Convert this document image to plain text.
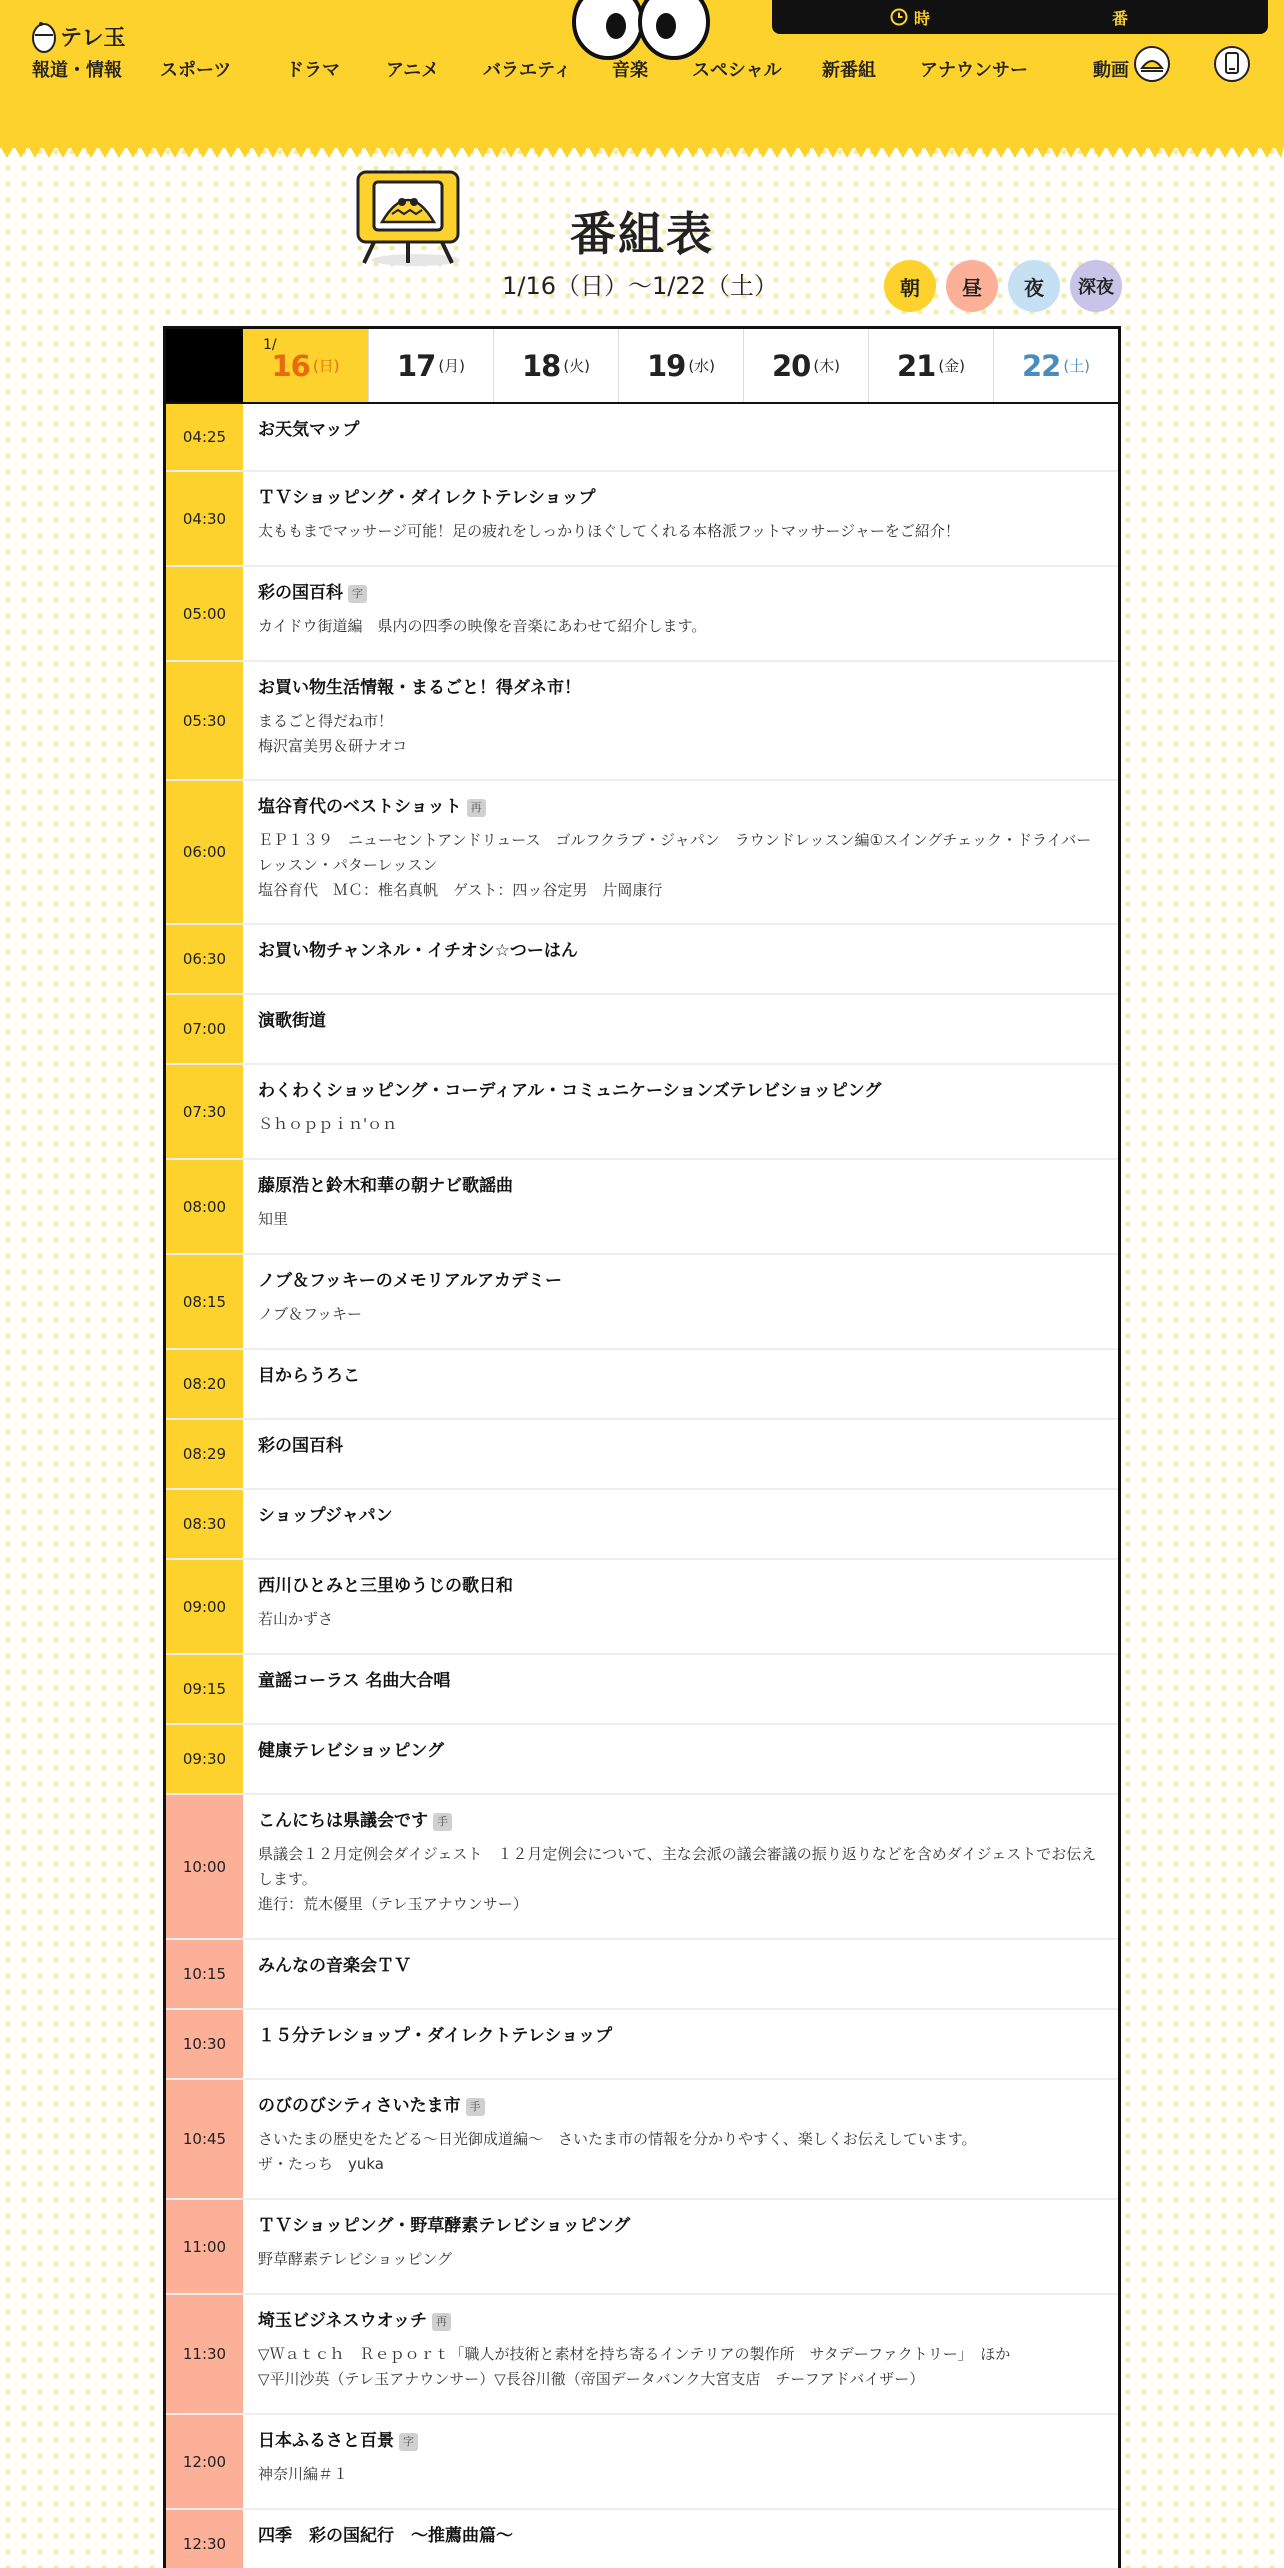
テレ玉
時	番
報道・情報	スポーツ	ドラマ	アニメ	バラエティ	音楽	スペシャル	新番組	アナウンサー	動画
番組表
1/16（日）〜1/22（土）	朝	昼	夜	深夜
1/
16 (日) 17 (月) 18 (火) 19 (水) 20 (木) 21 (金) 22 (土)
04:25	お天気マップ
04:30
ＴＶショッピング・ダイレクトテレショップ
太ももまでマッサージ可能！足の疲れをしっかりほぐしてくれる本格派フットマッサージャーをご紹介！
05:00
彩の国百科 字
カイドウ街道編　県内の四季の映像を音楽にあわせて紹介します。
05:30
お買い物生活情報・まるごと！得ダネ市！
まるごと得だね市！
梅沢富美男＆研ナオコ
06:00
塩谷育代のベストショット 再
ＥＰ１３９　ニューセントアンドリュース　ゴルフクラブ・ジャパン　ラウンドレッスン編①スイングチェック・ドライバーレッスン・パターレッスン
塩谷育代　ＭＣ：椎名真帆　ゲスト：四ッ谷定男　片岡康行
06:30	お買い物チャンネル・イチオシ☆つーはん
07:00	演歌街道
07:30
わくわくショッピング・コーディアル・コミュニケーションズテレビショッピング
Ｓｈｏｐｐｉｎ'ｏｎ
08:00
藤原浩と鈴木和華の朝ナビ歌謡曲
知里
08:15
ノブ＆フッキーのメモリアルアカデミー
ノブ＆フッキー
08:20	目からうろこ
08:29	彩の国百科
08:30	ショップジャパン
09:00
西川ひとみと三里ゆうじの歌日和
若山かずさ
09:15	童謡コーラス 名曲大合唱
09:30	健康テレビショッピング
10:00
こんにちは県議会です 手
県議会１２月定例会ダイジェスト　１２月定例会について、主な会派の議会審議の振り返りなどを含めダイジェストでお伝えします。
進行：荒木優里（テレ玉アナウンサー）
10:15	みんなの音楽会ＴＶ
10:30	１５分テレショップ・ダイレクトテレショップ
10:45
のびのびシティさいたま市 手
さいたまの歴史をたどる～日光御成道編～　さいたま市の情報を分かりやすく、楽しくお伝えしています。
ザ・たっち　yuka
11:00
ＴＶショッピング・野草酵素テレビショッピング
野草酵素テレビショッピング
11:30
埼玉ビジネスウオッチ 再
▽Ｗａｔｃｈ　Ｒｅｐｏｒｔ「職人が技術と素材を持ち寄るインテリアの製作所　サタデーファクトリー」　ほか
▽平川沙英（テレ玉アナウンサー）▽長谷川徹（帝国データバンク大宮支店　チーフアドバイザー）
12:00
日本ふるさと百景 字
神奈川編＃１
12:30	四季　彩の国紀行　～推薦曲篇～
